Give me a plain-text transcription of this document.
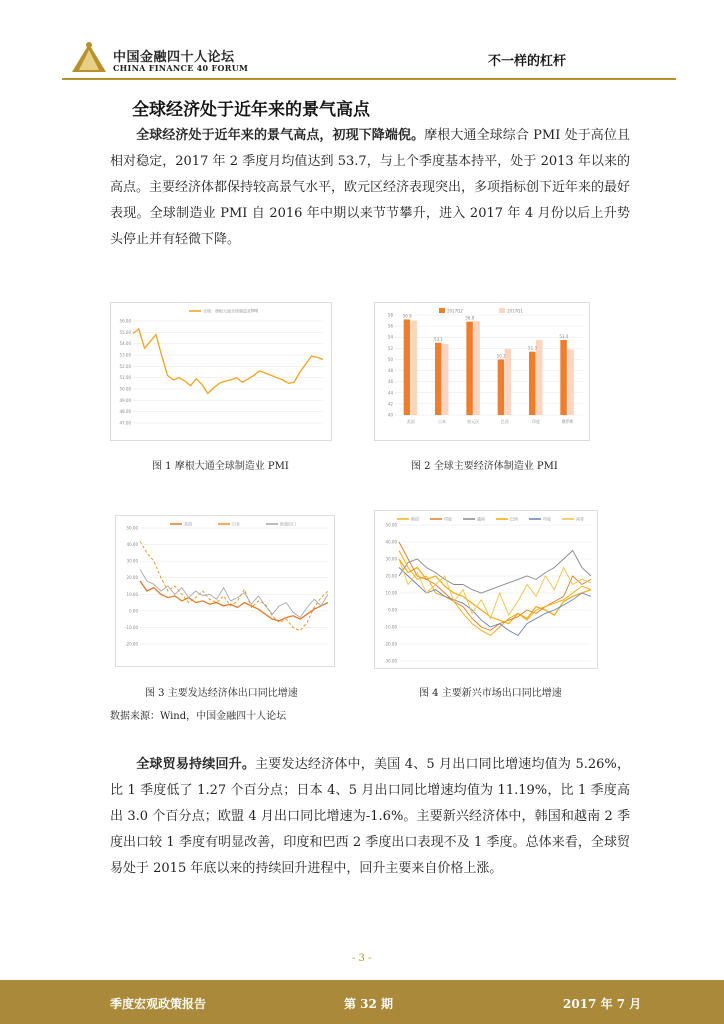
中国金融四十人论坛
CHINA FINANCE 40 FORUM	不一样的杠杆
全球经济处于近年来的景气高点
全球经济处于近年来的景气高点，初现下降端倪。摩根大通全球综合 PMI 处于高位且相对稳定，2017 年 2 季度月均值达到 53.7，与上个季度基本持平，处于 2013 年以来的高点。主要经济体都保持较高景气水平，欧元区经济表现突出，多项指标创下近年来的最好表现。全球制造业 PMI 自 2016 年中期以来节节攀升，进入 2017 年 4 月份以后上升势头停止并有轻微下降。
56.00
55.00
54.00
53.00
52.00
51.00
50.00
49.00
48.00
47.00
全球：摩根大通全球制造业PMI
图 1 摩根大通全球制造业 PMI
58
56
54
52
50
48
46
44
42
40
56.9
美国
53.1
日本
56.8
欧元区
50.2
巴西
51.3
印度
53.4
俄罗斯
2017Q2	2017Q1
图 2 全球主要经济体制造业 PMI
50.00
40.00
30.00
20.00
10.00
0.00
-10.00
-20.00
美国	日本	欧盟出口
图 3 主要发达经济体出口同比增速
50.00
40.00
30.00
20.00
10.00
0.00
-10.00
-20.00
-30.00
韩国	印度	越南	巴西	印度	南非
图 4 主要新兴市场出口同比增速
数据来源：Wind，中国金融四十人论坛
全球贸易持续回升。主要发达经济体中，美国 4、5 月出口同比增速均值为 5.26%，比 1 季度低了 1.27 个百分点；日本 4、5 月出口同比增速均值为 11.19%，比 1 季度高出 3.0 个百分点；欧盟 4 月出口同比增速为-1.6%。主要新兴经济体中，韩国和越南 2 季度出口较 1 季度有明显改善，印度和巴西 2 季度出口表现不及 1 季度。总体来看，全球贸易处于 2015 年底以来的持续回升进程中，回升主要来自价格上涨。
- 3 -
季度宏观政策报告	第 32 期	2017 年 7 月
